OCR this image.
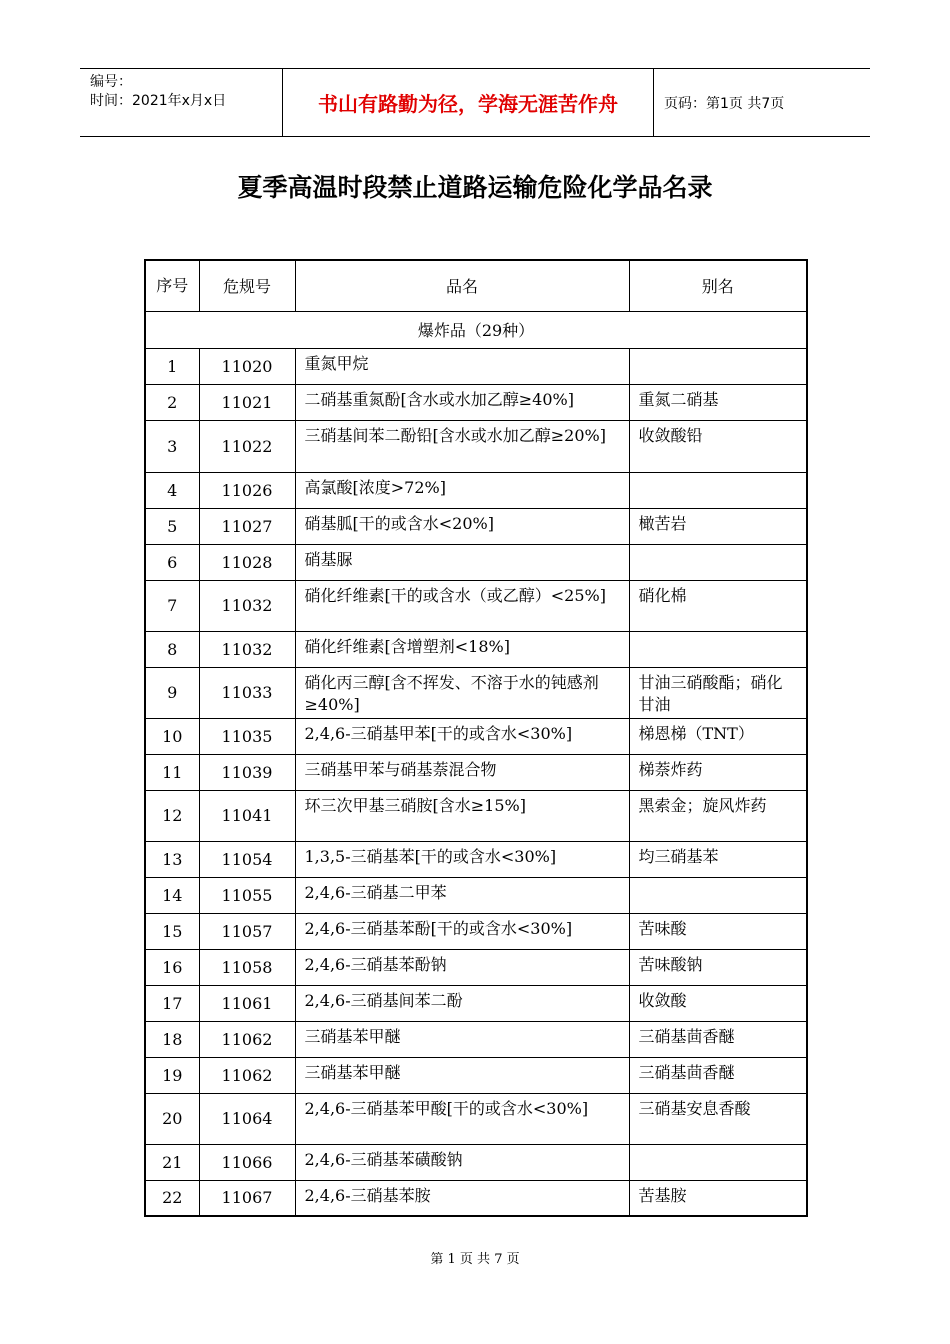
编号：
时间：2021年x月x日	书山有路勤为径，学海无涯苦作舟	页码：第1页 共7页
夏季高温时段禁止道路运输危险化学品名录
序号	危规号	品名	别名
爆炸品（29种）			
1	11020	重氮甲烷	
2	11021	二硝基重氮酚[含水或水加乙醇≥40%]	重氮二硝基
3	11022	三硝基间苯二酚铅[含水或水加乙醇≥20%]	收敛酸铅
4	11026	高氯酸[浓度>72%]	
5	11027	硝基胍[干的或含水<20%]	橄苦岩
6	11028	硝基脲	
7	11032	硝化纤维素[干的或含水（或乙醇）<25%]	硝化棉
8	11032	硝化纤维素[含增塑剂<18%]	
9	11033	硝化丙三醇[含不挥发、不溶于水的钝感剂≥40%]	甘油三硝酸酯；硝化甘油
10	11035	2,4,6-三硝基甲苯[干的或含水<30%]	梯恩梯（TNT）
11	11039	三硝基甲苯与硝基萘混合物	梯萘炸药
12	11041	环三次甲基三硝胺[含水≥15%]	黑索金；旋风炸药
13	11054	1,3,5-三硝基苯[干的或含水<30%]	均三硝基苯
14	11055	2,4,6-三硝基二甲苯	
15	11057	2,4,6-三硝基苯酚[干的或含水<30%]	苦味酸
16	11058	2,4,6-三硝基苯酚钠	苦味酸钠
17	11061	2,4,6-三硝基间苯二酚	收敛酸
18	11062	三硝基苯甲醚	三硝基茴香醚
19	11062	三硝基苯甲醚	三硝基茴香醚
20	11064	2,4,6-三硝基苯甲酸[干的或含水<30%]	三硝基安息香酸
21	11066	2,4,6-三硝基苯磺酸钠	
22	11067	2,4,6-三硝基苯胺	苦基胺
第 1 页 共 7 页
